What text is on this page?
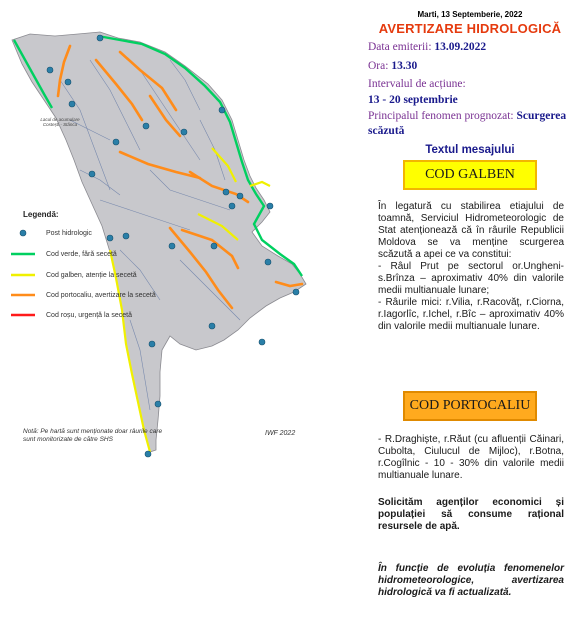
Lacul de acumulare Costești - Stânca
Legendă:
Post hidrologic
Cod verde, fără secetă
Cod galben, atenție la secetă
Cod portocaliu, avertizare la secetă
Cod roșu, urgență la secetă
Notă: Pe hartă sunt menționate doar râurile care sunt monitorizate de către SHS
IWF 2022
Marti, 13 Septemberie, 2022
AVERTIZARE HIDROLOGICĂ
Data emiterii: 13.09.2022
Ora: 13.30
Intervalul de acțiune:
13 - 20 septembrie
Principalul fenomen prognozat: Scurgerea
scăzută
Textul mesajului
COD GALBEN

În legatură cu stabilirea etiajului de toamnă, Serviciul Hidrometeorologic de Stat atenționează că în râurile Republicii Moldova se va menține scurgerea scăzută a apei ce va constitui:

- Râul Prut pe sectorul or.Ungheni-s.Brînza – aproximativ 40% din valorile medii multianuale lunare;

- Râurile mici: r.Vilia, r.Racovăț, r.Ciorna, r.Iagorlîc, r.Ichel, r.Bîc – aproximativ 40% din valorile medii multianuale lunare.

COD PORTOCALIU

- R.Draghiște, r.Răut (cu afluenții Căinari, Cubolta, Ciulucul de Mijloc), r.Botna, r.Cogîlnic - 10 - 30% din valorile medii multianuale lunare.

Solicităm agenților economici și populației să consume rațional resursele de apă.
În funcție de evoluția fenomenelor hidrometeorologice, avertizarea hidrologică va fi actualizată.
